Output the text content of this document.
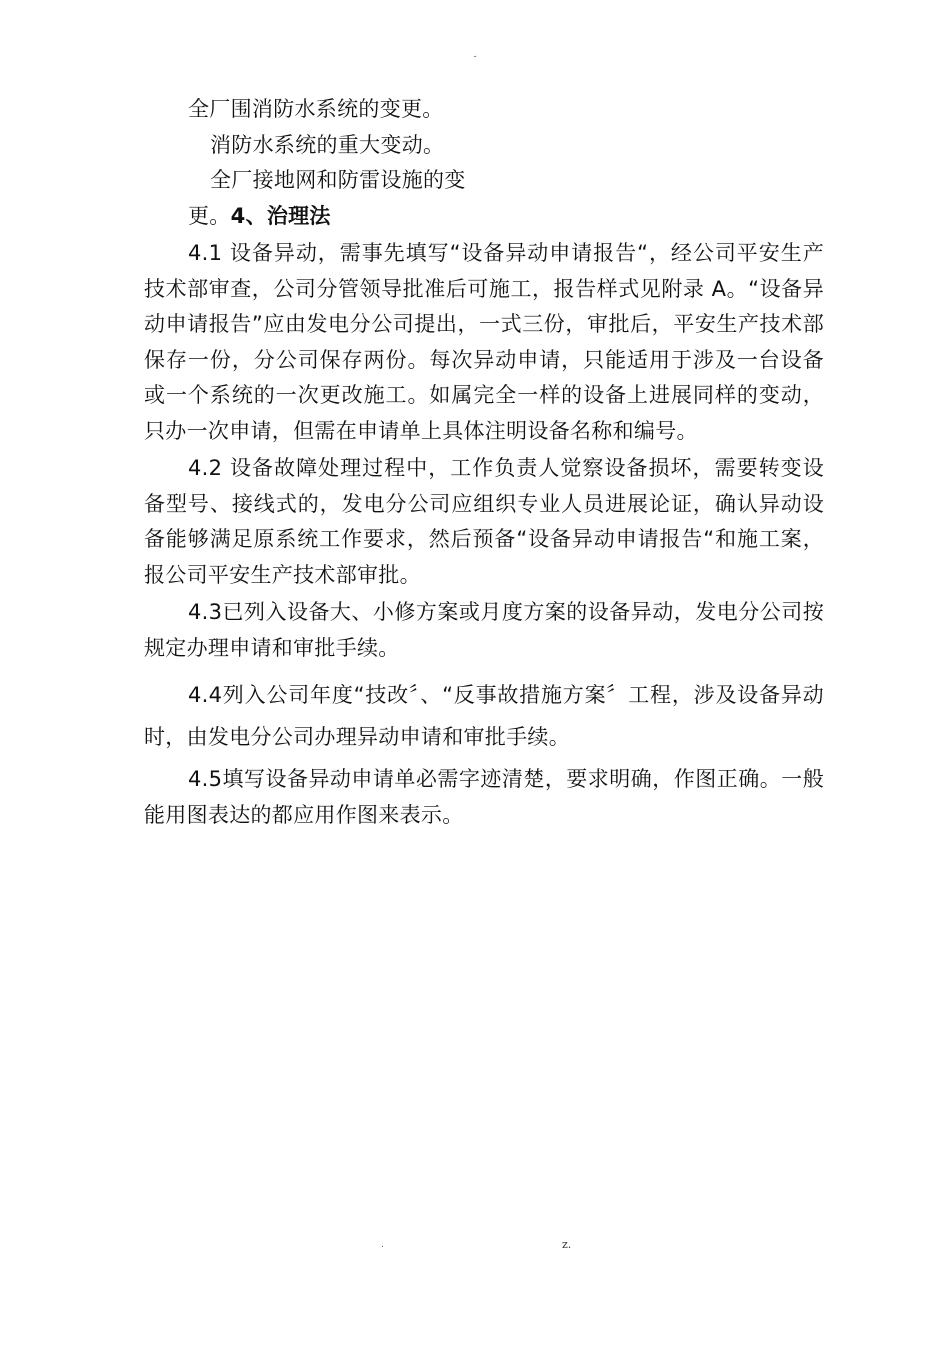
-
全厂围消防水系统的变更。
消防水系统的重大变动。
全厂接地网和防雷设施的变
更。4、治理法
4.1 设备异动，需事先填写“设备异动申请报告“，经公司平安生产技术部审查，公司分管领导批准后可施工，报告样式见附录 A。“设备异动申请报告”应由发电分公司提出，一式三份，审批后，平安生产技术部保存一份，分公司保存两份。每次异动申请，只能适用于涉及一台设备或一个系统的一次更改施工。如属完全一样的设备上进展同样的变动，只办一次申请，但需在申请单上具体注明设备名称和编号。
4.2 设备故障处理过程中，工作负责人觉察设备损坏，需要转变设备型号、接线式的，发电分公司应组织专业人员进展论证，确认异动设备能够满足原系统工作要求，然后预备“设备异动申请报告“和施工案，报公司平安生产技术部审批。
4.3已列入设备大、小修方案或月度方案的设备异动，发电分公司按规定办理申请和审批手续。
4.4列入公司年度“技改〞、“反事故措施方案〞工程，涉及设备异动时，由发电分公司办理异动申请和审批手续。
4.5填写设备异动申请单必需字迹清楚，要求明确，作图正确。一般能用图表达的都应用作图来表示。
.	z.
